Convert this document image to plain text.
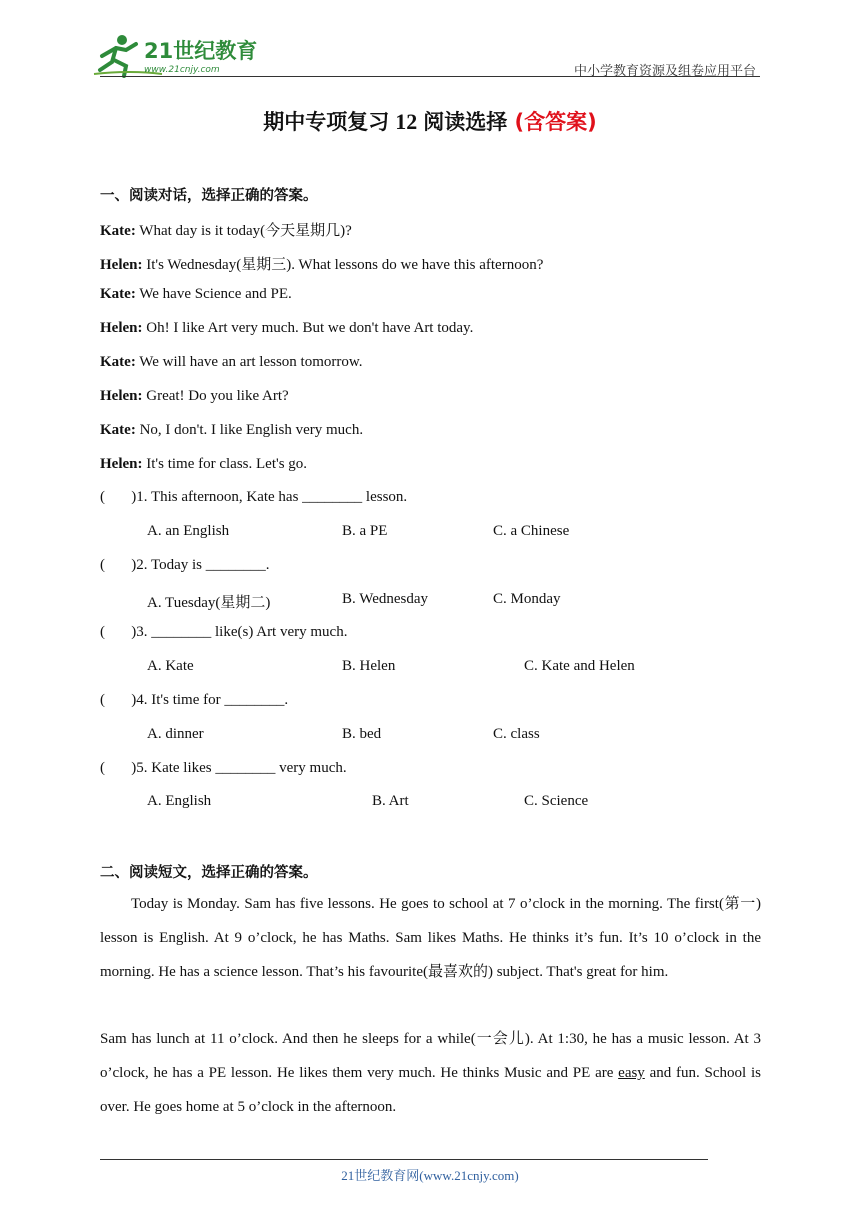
21世纪教育
www.21cnjy.com	中小学教育资源及组卷应用平台
期中专项复习 12 阅读选择 (含答案)
一、阅读对话，选择正确的答案。
Kate: What day is it today(今天星期几)?
Helen: It's Wednesday(星期三). What lessons do we have this afternoon?
Kate: We have Science and PE.
Helen: Oh! I like Art very much. But we don't have Art today.
Kate: We will have an art lesson tomorrow.
Helen: Great! Do you like Art?
Kate: No, I don't. I like English very much.
Helen: It's time for class. Let's go.
(       )1. This afternoon, Kate has ________ lesson.
A. an English	B. a PE	C. a Chinese
(       )2. Today is ________.
A. Tuesday(星期二)	B. Wednesday	C. Monday
(       )3. ________ like(s) Art very much.
A. Kate	B. Helen	C. Kate and Helen
(       )4. It's time for ________.
A. dinner	B. bed	C. class
(       )5. Kate likes ________ very much.
A. English	B. Art	C. Science
二、阅读短文，选择正确的答案。
Today is Monday. Sam has five lessons. He goes to school at 7 o’clock in the morning. The first(第一) lesson is English. At 9 o’clock, he has Maths. Sam likes Maths. He thinks it’s fun. It’s 10 o’clock in the morning. He has a science lesson. That’s his favourite(最喜欢的) subject. That's great for him.
Sam has lunch at 11 o’clock. And then he sleeps for a while(一会儿). At 1:30, he has a music lesson. At 3 o’clock, he has a PE lesson. He likes them very much. He thinks Music and PE are easy and fun. School is over. He goes home at 5 o’clock in the afternoon.
21世纪教育网(www.21cnjy.com)
